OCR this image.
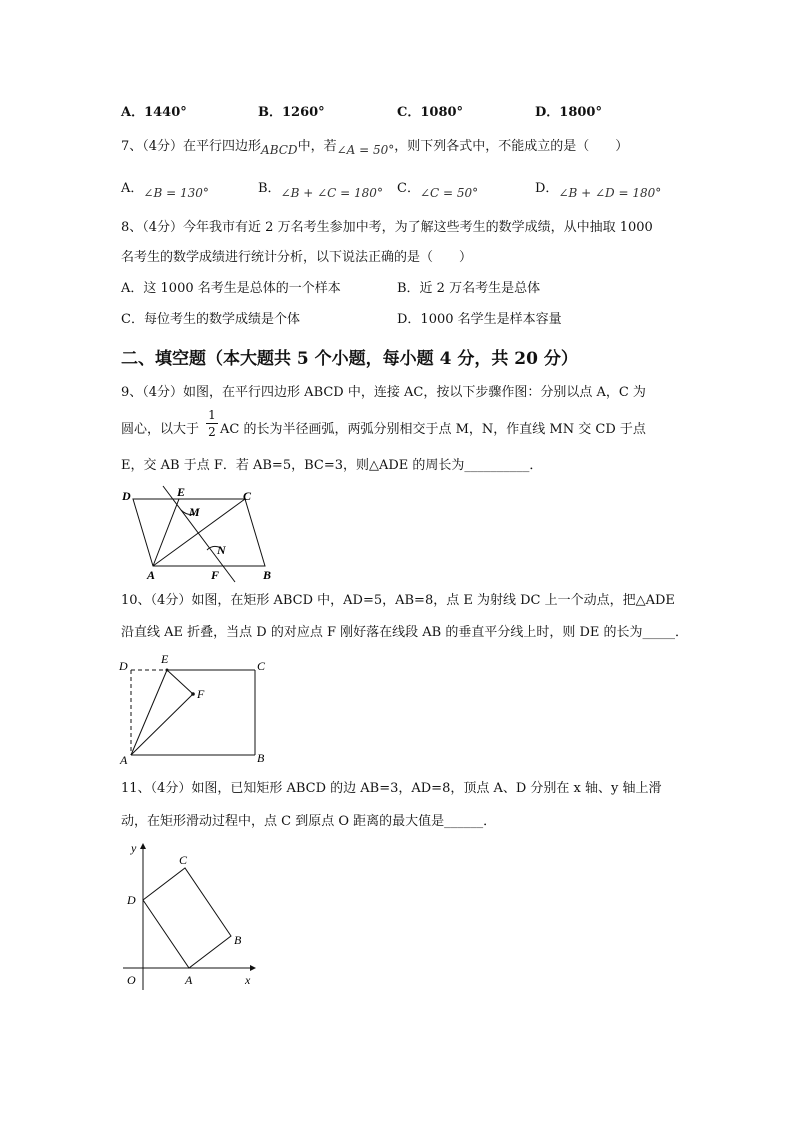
A．1440°	B．1260°	C．1080°	D．1800°
7、（4分）在平行四边形ABCD中，若∠A = 50°，则下列各式中，不能成立的是（　　）
A．∠B = 130°	B．∠B + ∠C = 180° C．∠C = 50°	D．∠B + ∠D = 180°
8、（4分）今年我市有近 2 万名考生参加中考，为了解这些考生的数学成绩，从中抽取 1000
名考生的数学成绩进行统计分析，以下说法正确的是（　　）
A．这 1000 名考生是总体的一个样本	B．近 2 万名考生是总体
C．每位考生的数学成绩是个体	D．1000 名学生是样本容量
二、填空题（本大题共 5 个小题，每小题 4 分，共 20 分）
9、（4分）如图，在平行四边形 ABCD 中，连接 AC，按以下步骤作图：分别以点 A，C 为
圆心，以大于
1
2 AC 的长为半径画弧，两弧分别相交于点 M，N，作直线 MN 交 CD 于点
E，交 AB 于点 F．若 AB=5，BC=3，则△ADE 的周长为__________．
D	E	C
M
N
A	F	B
10、（4分）如图，在矩形 ABCD 中，AD=5，AB=8，点 E 为射线 DC 上一个动点，把△ADE
沿直线 AE 折叠，当点 D 的对应点 F 刚好落在线段 AB 的垂直平分线上时，则 DE 的长为_____．
D	E	C
F
A	B
11、（4分）如图，已知矩形 ABCD 的边 AB=3，AD=8，顶点 A、D 分别在 x 轴、y 轴上滑
动，在矩形滑动过程中，点 C 到原点 O 距离的最大值是______．
y
x
O	A
B
C
D
